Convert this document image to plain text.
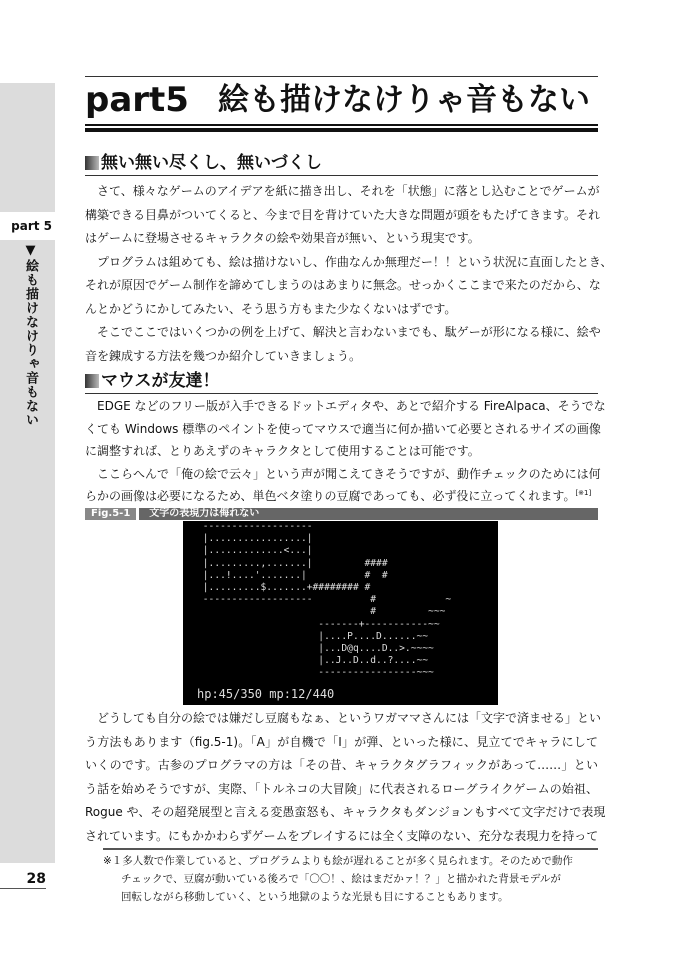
part 5
▼絵も描けなけりゃ音もない
28
part5 絵も描けなけりゃ音もない
無い無い尽くし、無いづくし
　さて、様々なゲームのアイデアを紙に描き出し、それを「状態」に落とし込むことでゲームが
構築できる目鼻がついてくると、今まで目を背けていた大きな問題が頭をもたげてきます。それ
はゲームに登場させるキャラクタの絵や効果音が無い、という現実です。
　プログラムは組めても、絵は描けないし、作曲なんか無理だー！！という状況に直面したとき、
それが原因でゲーム制作を諦めてしまうのはあまりに無念。せっかくここまで来たのだから、な
んとかどうにかしてみたい、そう思う方もまた少なくないはずです。
　そこでここではいくつかの例を上げて、解決と言わないまでも、駄ゲーが形になる様に、絵や
音を錬成する方法を幾つか紹介していきましょう。
マウスが友達！
　EDGE などのフリー版が入手できるドットエディタや、あとで紹介する FireAlpaca、そうでな
くても Windows 標準のペイントを使ってマウスで適当に何か描いて必要とされるサイズの画像
に調整すれば、とりあえずのキャラクタとして使用することは可能です。
　ここらへんで「俺の絵で云々」という声が聞こえてきそうですが、動作チェックのためには何
らかの画像は必要になるため、単色ベタ塗りの豆腐であっても、必ず役に立ってくれます。[※1]
Fig.5-1	文字の表現力は侮れない
-------------------
|.................|
|.............<...|
|.........,.......|         ####
|...!....'.......|          #  #
|.........$.......+######## #
-------------------          #            ~
#         ~~~
-------+-----------~~
|....P....D......~~
|...D@q....D..>.~~~~
|..J..D..d..?....~~
-----------------~~~
hp:45/350 mp:12/440
　どうしても自分の絵では嫌だし豆腐もなぁ、というワガママさんには「文字で済ませる」とい
う方法もあります（fig.5-1)。「A」が自機で「I」が弾、といった様に、見立てでキャラにして
いくのです。古参のプログラマの方は「その昔、キャラクタグラフィックがあって……」とい
う話を始めそうですが、実際、「トルネコの大冒険」に代表されるローグライクゲームの始祖、
Rogue や、その超発展型と言える変愚蛮怒も、キャラクタもダンジョンもすべて文字だけで表現
されています。にもかかわらずゲームをプレイするには全く支障のない、充分な表現力を持って
※１多人数で作業していると、プログラムよりも絵が遅れることが多く見られます。そのためで動作
チェックで、豆腐が動いている後ろで「〇〇！、絵はまだかァ！？」と描かれた背景モデルが
回転しながら移動していく、という地獄のような光景も目にすることもあります。
